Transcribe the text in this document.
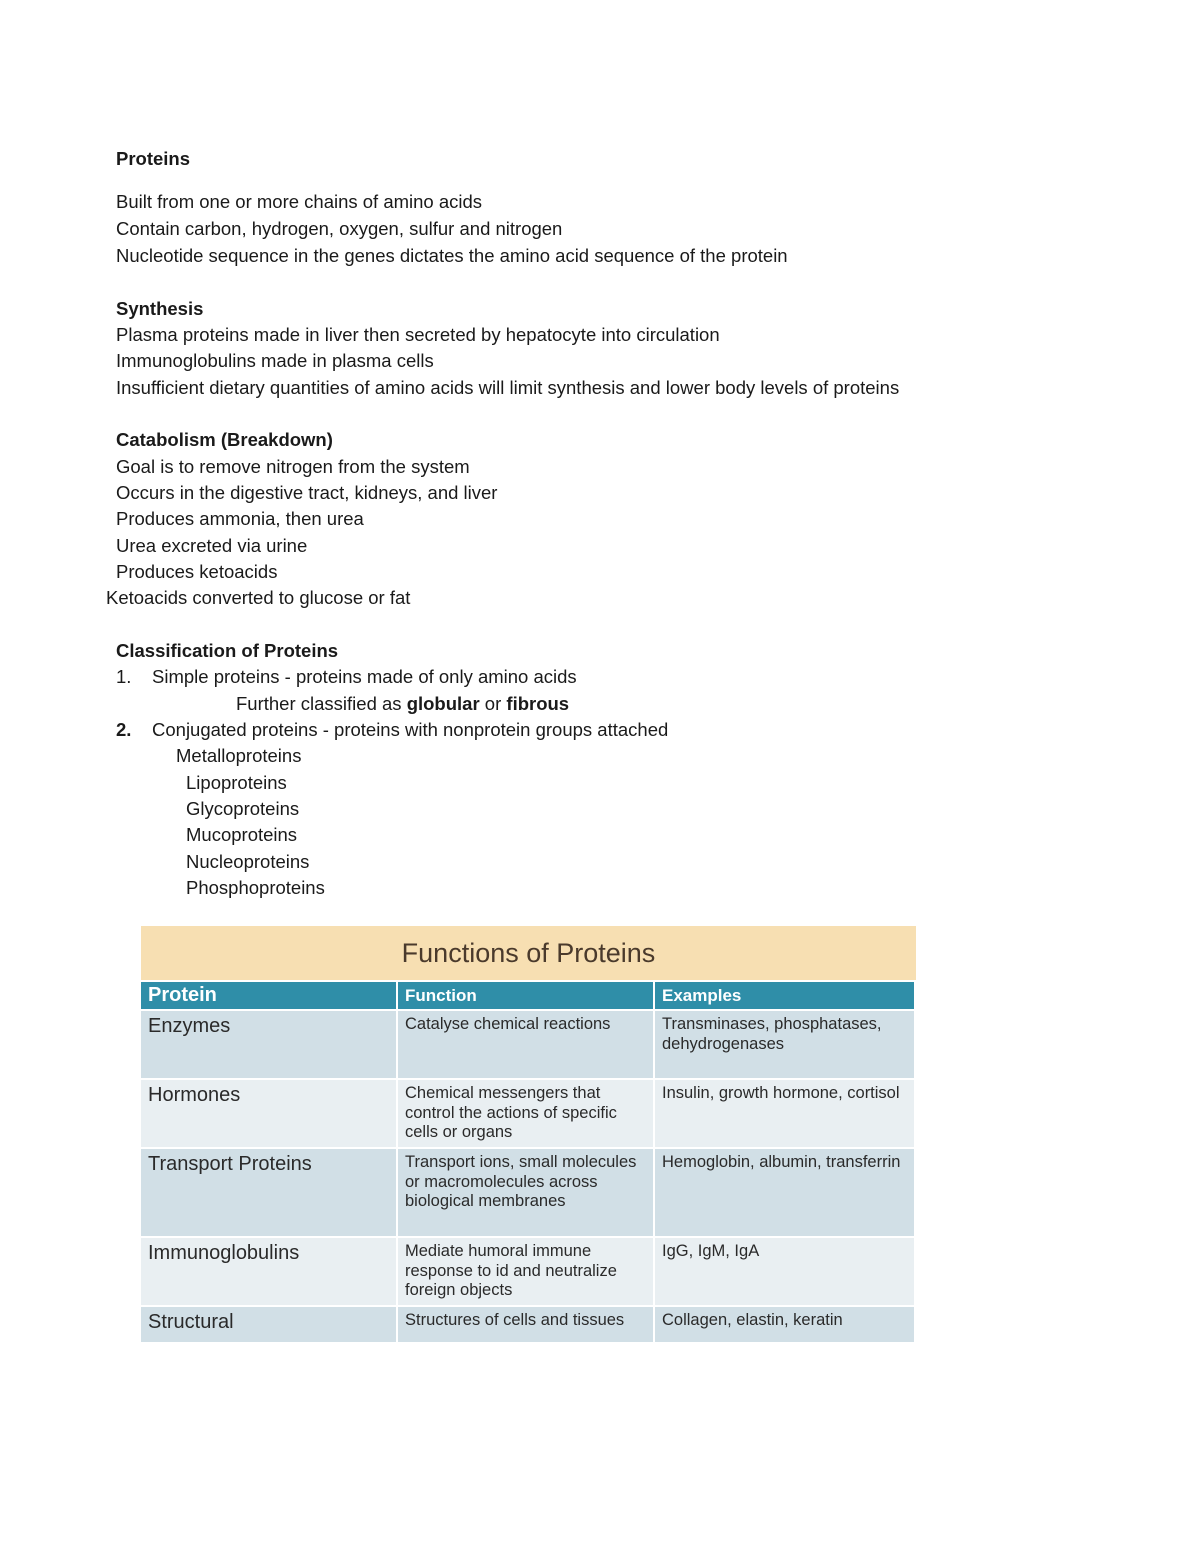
Proteins
Built from one or more chains of amino acids
Contain carbon, hydrogen, oxygen, sulfur and nitrogen
Nucleotide sequence in the genes dictates the amino acid sequence of the protein
Synthesis
Plasma proteins made in liver then secreted by hepatocyte into circulation
Immunoglobulins made in plasma cells
Insufficient dietary quantities of amino acids will limit synthesis and lower body levels of proteins
Catabolism (Breakdown)
Goal is to remove nitrogen from the system
Occurs in the digestive tract, kidneys, and liver
Produces ammonia, then urea
Urea excreted via urine
Produces ketoacids
Ketoacids converted to glucose or fat
Classification of Proteins
1. Simple proteins - proteins made of only amino acids
Further classified as globular or fibrous
2. Conjugated proteins - proteins with nonprotein groups attached
Metalloproteins
Lipoproteins
Glycoproteins
Mucoproteins
Nucleoproteins
Phosphoproteins
Functions of Proteins
Protein	Function	Examples
Enzymes	Catalyse chemical reactions	Transminases, phosphatases, dehydrogenases
Hormones	Chemical messengers that control the actions of specific cells or organs	Insulin, growth hormone, cortisol
Transport Proteins	Transport ions, small molecules or macromolecules across biological membranes	Hemoglobin, albumin, transferrin
Immunoglobulins	Mediate humoral immune response to id and neutralize foreign objects	IgG, IgM, IgA
Structural	Structures of cells and tissues	Collagen, elastin, keratin
